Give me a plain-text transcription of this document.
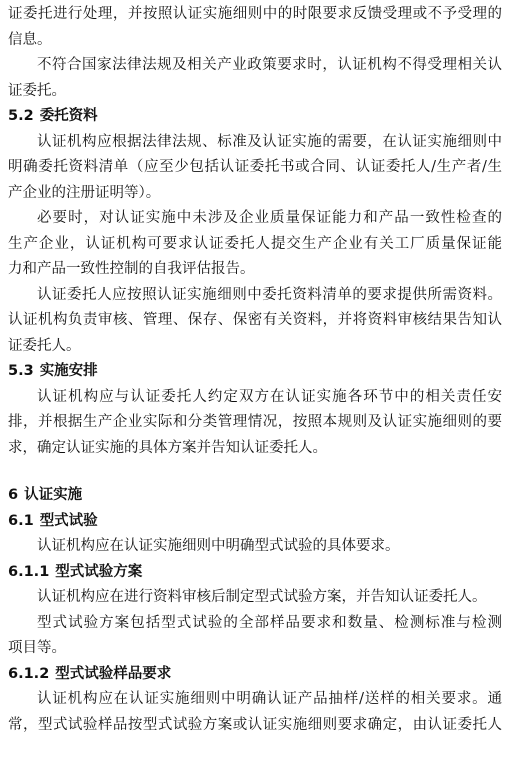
证委托进行处理，并按照认证实施细则中的时限要求反馈受理或不予受理的
信息。
不符合国家法律法规及相关产业政策要求时，认证机构不得受理相关认
证委托。
5.2 委托资料
认证机构应根据法律法规、标准及认证实施的需要，在认证实施细则中
明确委托资料清单（应至少包括认证委托书或合同、认证委托人/生产者/生
产企业的注册证明等）。
必要时，对认证实施中未涉及企业质量保证能力和产品一致性检查的
生产企业，认证机构可要求认证委托人提交生产企业有关工厂质量保证能
力和产品一致性控制的自我评估报告。
认证委托人应按照认证实施细则中委托资料清单的要求提供所需资料。
认证机构负责审核、管理、保存、保密有关资料，并将资料审核结果告知认
证委托人。
5.3 实施安排
认证机构应与认证委托人约定双方在认证实施各环节中的相关责任安
排，并根据生产企业实际和分类管理情况，按照本规则及认证实施细则的要
求，确定认证实施的具体方案并告知认证委托人。
6 认证实施
6.1 型式试验
认证机构应在认证实施细则中明确型式试验的具体要求。
6.1.1 型式试验方案
认证机构应在进行资料审核后制定型式试验方案，并告知认证委托人。
型式试验方案包括型式试验的全部样品要求和数量、检测标准与检测
项目等。
6.1.2 型式试验样品要求
认证机构应在认证实施细则中明确认证产品抽样/送样的相关要求。通
常，型式试验样品按型式试验方案或认证实施细则要求确定，由认证委托人
